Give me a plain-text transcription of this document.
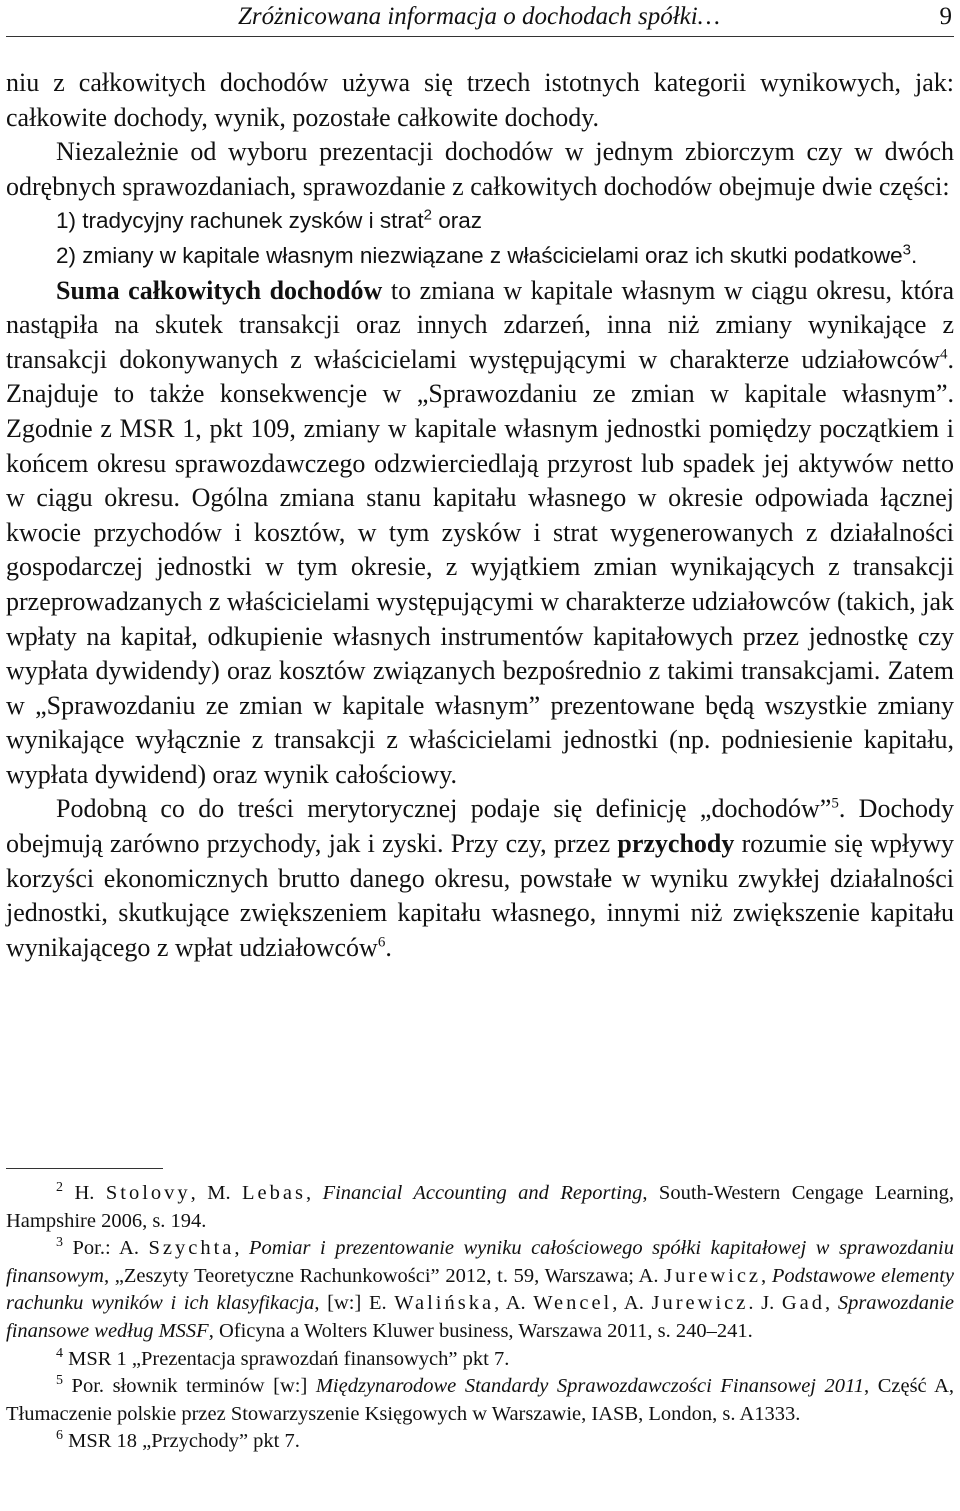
Zróżnicowana informacja o dochodach spółki…	9

niu z całkowitych dochodów używa się trzech istotnych kategorii wynikowych, jak: całkowite dochody, wynik, pozostałe całkowite dochody.

Niezależnie od wyboru prezentacji dochodów w jednym zbiorczym czy w dwóch odrębnych sprawozdaniach, sprawozdanie z całkowitych dochodów obejmuje dwie części:

1) tradycyjny rachunek zysków i strat$^2$ oraz

2) zmiany w kapitale własnym niezwiązane z właścicielami oraz ich skutki podatkowe$^3$.

Suma całkowitych dochodów to zmiana w kapitale własnym w ciągu okresu, która nastąpiła na skutek transakcji oraz innych zdarzeń, inna niż zmiany wynikające z transakcji dokonywanych z właścicielami występującymi w charakterze udziałowców$^4$. Znajduje to także konsekwencje w „Sprawozdaniu ze zmian w kapitale własnym”. Zgodnie z MSR 1, pkt 109, zmiany w kapitale własnym jednostki pomiędzy początkiem i końcem okresu sprawozdawczego odzwierciedlają przyrost lub spadek jej aktywów netto w ciągu okresu. Ogólna zmiana stanu kapitału własnego w okresie odpowiada łącznej kwocie przychodów i kosztów, w tym zysków i strat wygenerowanych z działalności gospodarczej jednostki w tym okresie, z wyjątkiem zmian wynikających z transakcji przeprowadzanych z właścicielami występującymi w charakterze udziałowców (takich, jak wpłaty na kapitał, odkupienie własnych instrumentów kapitałowych przez jednostkę czy wypłata dywidendy) oraz kosztów związanych bezpośrednio z takimi transakcjami. Zatem w „Sprawozdaniu ze zmian w kapitale własnym” prezentowane będą wszystkie zmiany wynikające wyłącznie z transakcji z właścicielami jednostki (np. podniesienie kapitału, wypłata dywidend) oraz wynik całościowy.

Podobną co do treści merytorycznej podaje się definicję „dochodów”$^5$. Dochody obejmują zarówno przychody, jak i zyski. Przy czy, przez przychody rozumie się wpływy korzyści ekonomicznych brutto danego okresu, powstałe w wyniku zwykłej działalności jednostki, skutkujące zwiększeniem kapitału własnego, innymi niż zwiększenie kapitału wynikającego z wpłat udziałowców$^6$.

$^2$ H. Stolovy, M. Lebas, Financial Accounting and Reporting, South-Western Cengage Learning, Hampshire 2006, s. 194.

$^3$ Por.: A. Szychta, Pomiar i prezentowanie wyniku całościowego spółki kapitałowej w sprawozdaniu finansowym, „Zeszyty Teoretyczne Rachunkowości” 2012, t. 59, Warszawa; A. Jurewicz, Podstawowe elementy rachunku wyników i ich klasyfikacja, [w:] E. Walińska, A. Wencel, A. Jurewicz. J. Gad, Sprawozdanie finansowe według MSSF, Oficyna a Wolters Kluwer business, Warszawa 2011, s. 240–241.

$^4$ MSR 1 „Prezentacja sprawozdań finansowych” pkt 7.

$^5$ Por. słownik terminów [w:] Międzynarodowe Standardy Sprawozdawczości Finansowej 2011, Część A, Tłumaczenie polskie przez Stowarzyszenie Księgowych w Warszawie, IASB, London, s. A1333.

$^6$ MSR 18 „Przychody” pkt 7.
